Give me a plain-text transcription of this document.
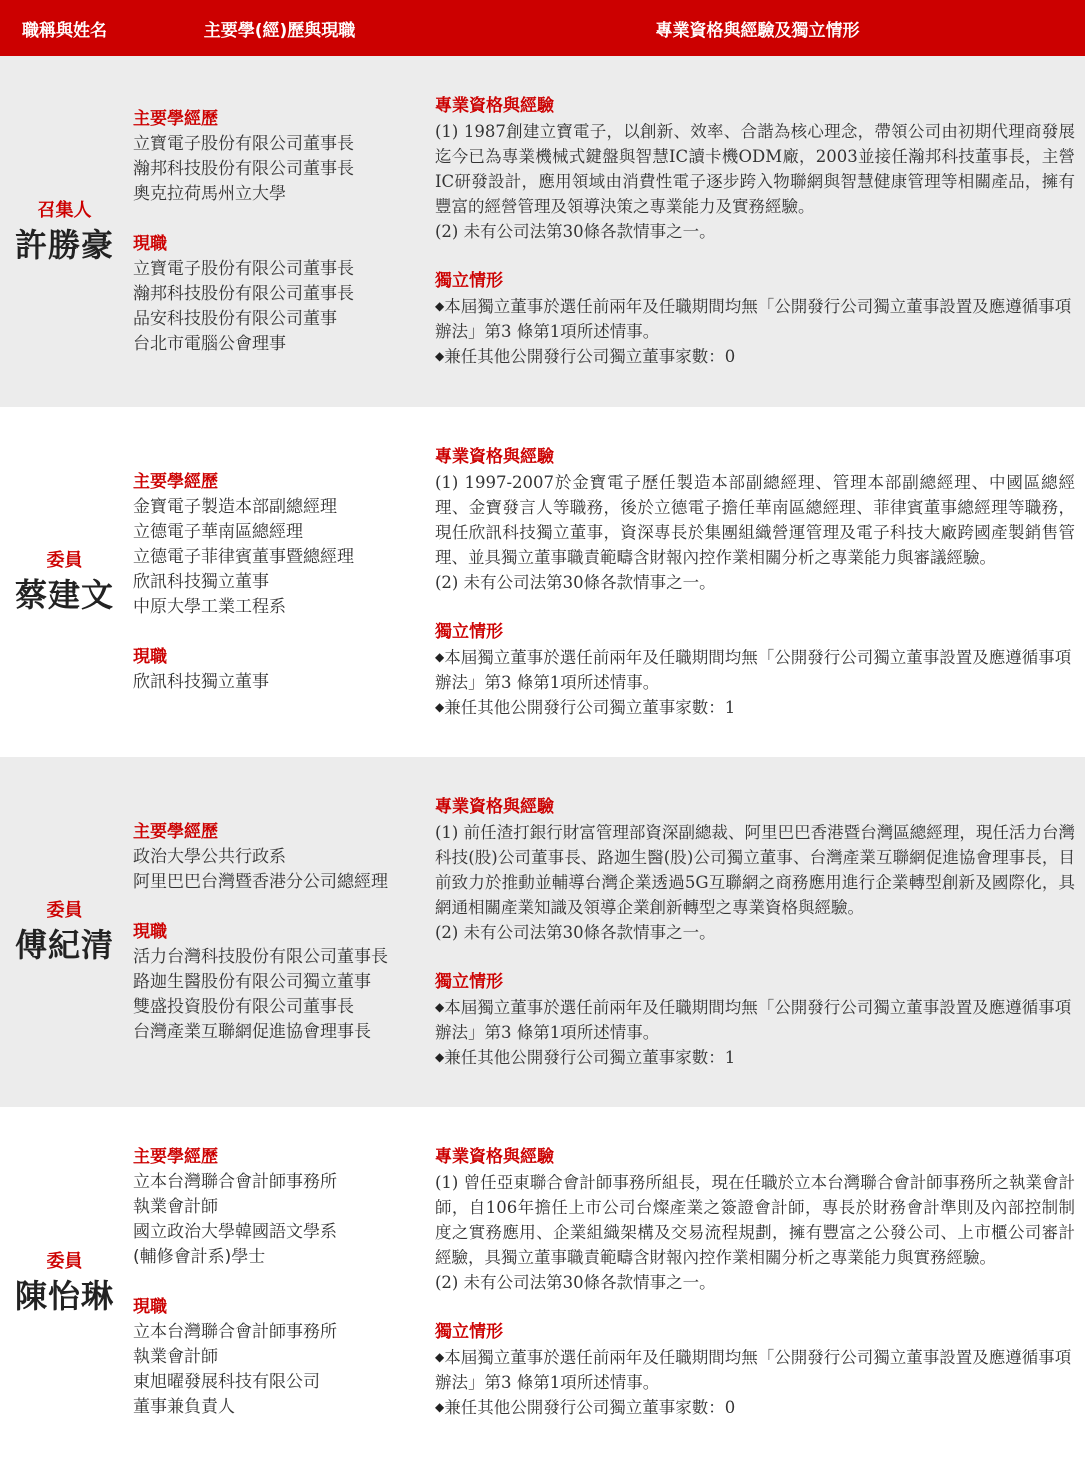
職稱與姓名	主要學(經)歷與現職	專業資格與經驗及獨立情形
召集人
許勝豪
主要學經歷
立寶電子股份有限公司董事長
瀚邦科技股份有限公司董事長
奧克拉荷馬州立大學
現職
立寶電子股份有限公司董事長
瀚邦科技股份有限公司董事長
品安科技股份有限公司董事
台北市電腦公會理事
專業資格與經驗
(1) 1987創建立寶電子，以創新、效率、合諧為核心理念，帶領公司由初期代理商發展迄今已為專業機械式鍵盤與智慧IC讀卡機ODM廠，2003並接任瀚邦科技董事長，主營IC研發設計，應用領域由消費性電子逐步跨入物聯網與智慧健康管理等相關產品，擁有豐富的經營管理及領導決策之專業能力及實務經驗。
(2) 未有公司法第30條各款情事之一。
獨立情形
◆本屆獨立董事於選任前兩年及任職期間均無「公開發行公司獨立董事設置及應遵循事項辦法」第3 條第1項所述情事。
◆兼任其他公開發行公司獨立董事家數：0
委員
蔡建文
主要學經歷
金寶電子製造本部副總經理
立德電子華南區總經理
立德電子菲律賓董事暨總經理
欣訊科技獨立董事
中原大學工業工程系
現職
欣訊科技獨立董事
專業資格與經驗
(1) 1997-2007於金寶電子歷任製造本部副總經理、管理本部副總經理、中國區總經理、金寶發言人等職務，後於立德電子擔任華南區總經理、菲律賓董事總經理等職務，現任欣訊科技獨立董事，資深專長於集團組織營運管理及電子科技大廠跨國產製銷售管理、並具獨立董事職責範疇含財報內控作業相關分析之專業能力與審議經驗。
(2) 未有公司法第30條各款情事之一。
獨立情形
◆本屆獨立董事於選任前兩年及任職期間均無「公開發行公司獨立董事設置及應遵循事項辦法」第3 條第1項所述情事。
◆兼任其他公開發行公司獨立董事家數：1
委員
傅紀清
主要學經歷
政治大學公共行政系
阿里巴巴台灣暨香港分公司總經理
現職
活力台灣科技股份有限公司董事長
路迦生醫股份有限公司獨立董事
雙盛投資股份有限公司董事長
台灣產業互聯網促進協會理事長
專業資格與經驗
(1) 前任渣打銀行財富管理部資深副總裁、阿里巴巴香港暨台灣區總經理，現任活力台灣科技(股)公司董事長、路迦生醫(股)公司獨立董事、台灣產業互聯網促進協會理事長，目前致力於推動並輔導台灣企業透過5G互聯網之商務應用進行企業轉型創新及國際化，具網通相關產業知識及領導企業創新轉型之專業資格與經驗。
(2) 未有公司法第30條各款情事之一。
獨立情形
◆本屆獨立董事於選任前兩年及任職期間均無「公開發行公司獨立董事設置及應遵循事項辦法」第3 條第1項所述情事。
◆兼任其他公開發行公司獨立董事家數：1
委員
陳怡琳
主要學經歷
立本台灣聯合會計師事務所
執業會計師
國立政治大學韓國語文學系
(輔修會計系)學士
現職
立本台灣聯合會計師事務所
執業會計師
東旭曜發展科技有限公司
董事兼負責人
專業資格與經驗
(1) 曾任亞東聯合會計師事務所組長，現在任職於立本台灣聯合會計師事務所之執業會計師，自106年擔任上市公司台燦產業之簽證會計師，專長於財務會計準則及內部控制制度之實務應用、企業組織架構及交易流程規劃，擁有豐富之公發公司、上市櫃公司審計經驗，具獨立董事職責範疇含財報內控作業相關分析之專業能力與實務經驗。
(2) 未有公司法第30條各款情事之一。
獨立情形
◆本屆獨立董事於選任前兩年及任職期間均無「公開發行公司獨立董事設置及應遵循事項辦法」第3 條第1項所述情事。
◆兼任其他公開發行公司獨立董事家數：0
